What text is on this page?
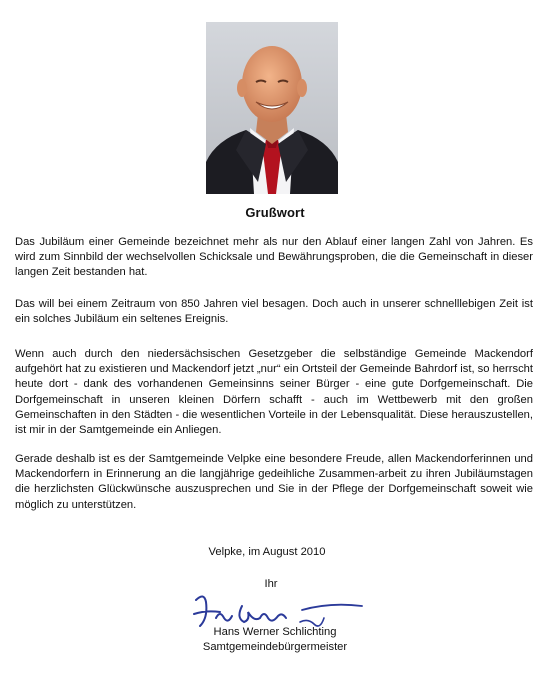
Grußwort

Das Jubiläum einer Gemeinde bezeichnet mehr als nur den Ablauf einer langen Zahl von Jahren. Es wird zum Sinnbild der wechselvollen Schicksale und Bewährungsproben, die die Gemeinschaft in dieser langen Zeit bestanden hat.

Das will bei einem Zeitraum von 850 Jahren viel besagen. Doch auch in unserer schnelllebigen Zeit ist ein solches Jubiläum ein seltenes Ereignis.

Wenn auch durch den niedersächsischen Gesetzgeber die selbständige Gemeinde Mackendorf aufgehört hat zu existieren und Mackendorf jetzt „nur“ ein Ortsteil der Gemeinde Bahrdorf ist, so herrscht heute dort - dank des vorhandenen Gemeinsinns seiner Bürger - eine gute Dorfgemeinschaft. Die Dorfgemeinschaft in unseren kleinen Dörfern schafft - auch im Wettbewerb mit den großen Gemeinschaften in den Städten - die wesentlichen Vorteile in der Lebensqualität. Diese herauszustellen, ist mir in der Samtgemeinde ein Anliegen.

Gerade deshalb ist es der Samtgemeinde Velpke eine besondere Freude, allen Mackendorferinnen und Mackendorfern in Erinnerung an die langjährige gedeihliche Zusammen-arbeit zu ihren Jubiläumstagen die herzlichsten Glückwünsche auszusprechen und Sie in der Pflege der Dorfgemeinschaft soweit wie möglich zu unterstützen.

Velpke, im August 2010
Ihr
Hans Werner Schlichting
Samtgemeindebürgermeister
